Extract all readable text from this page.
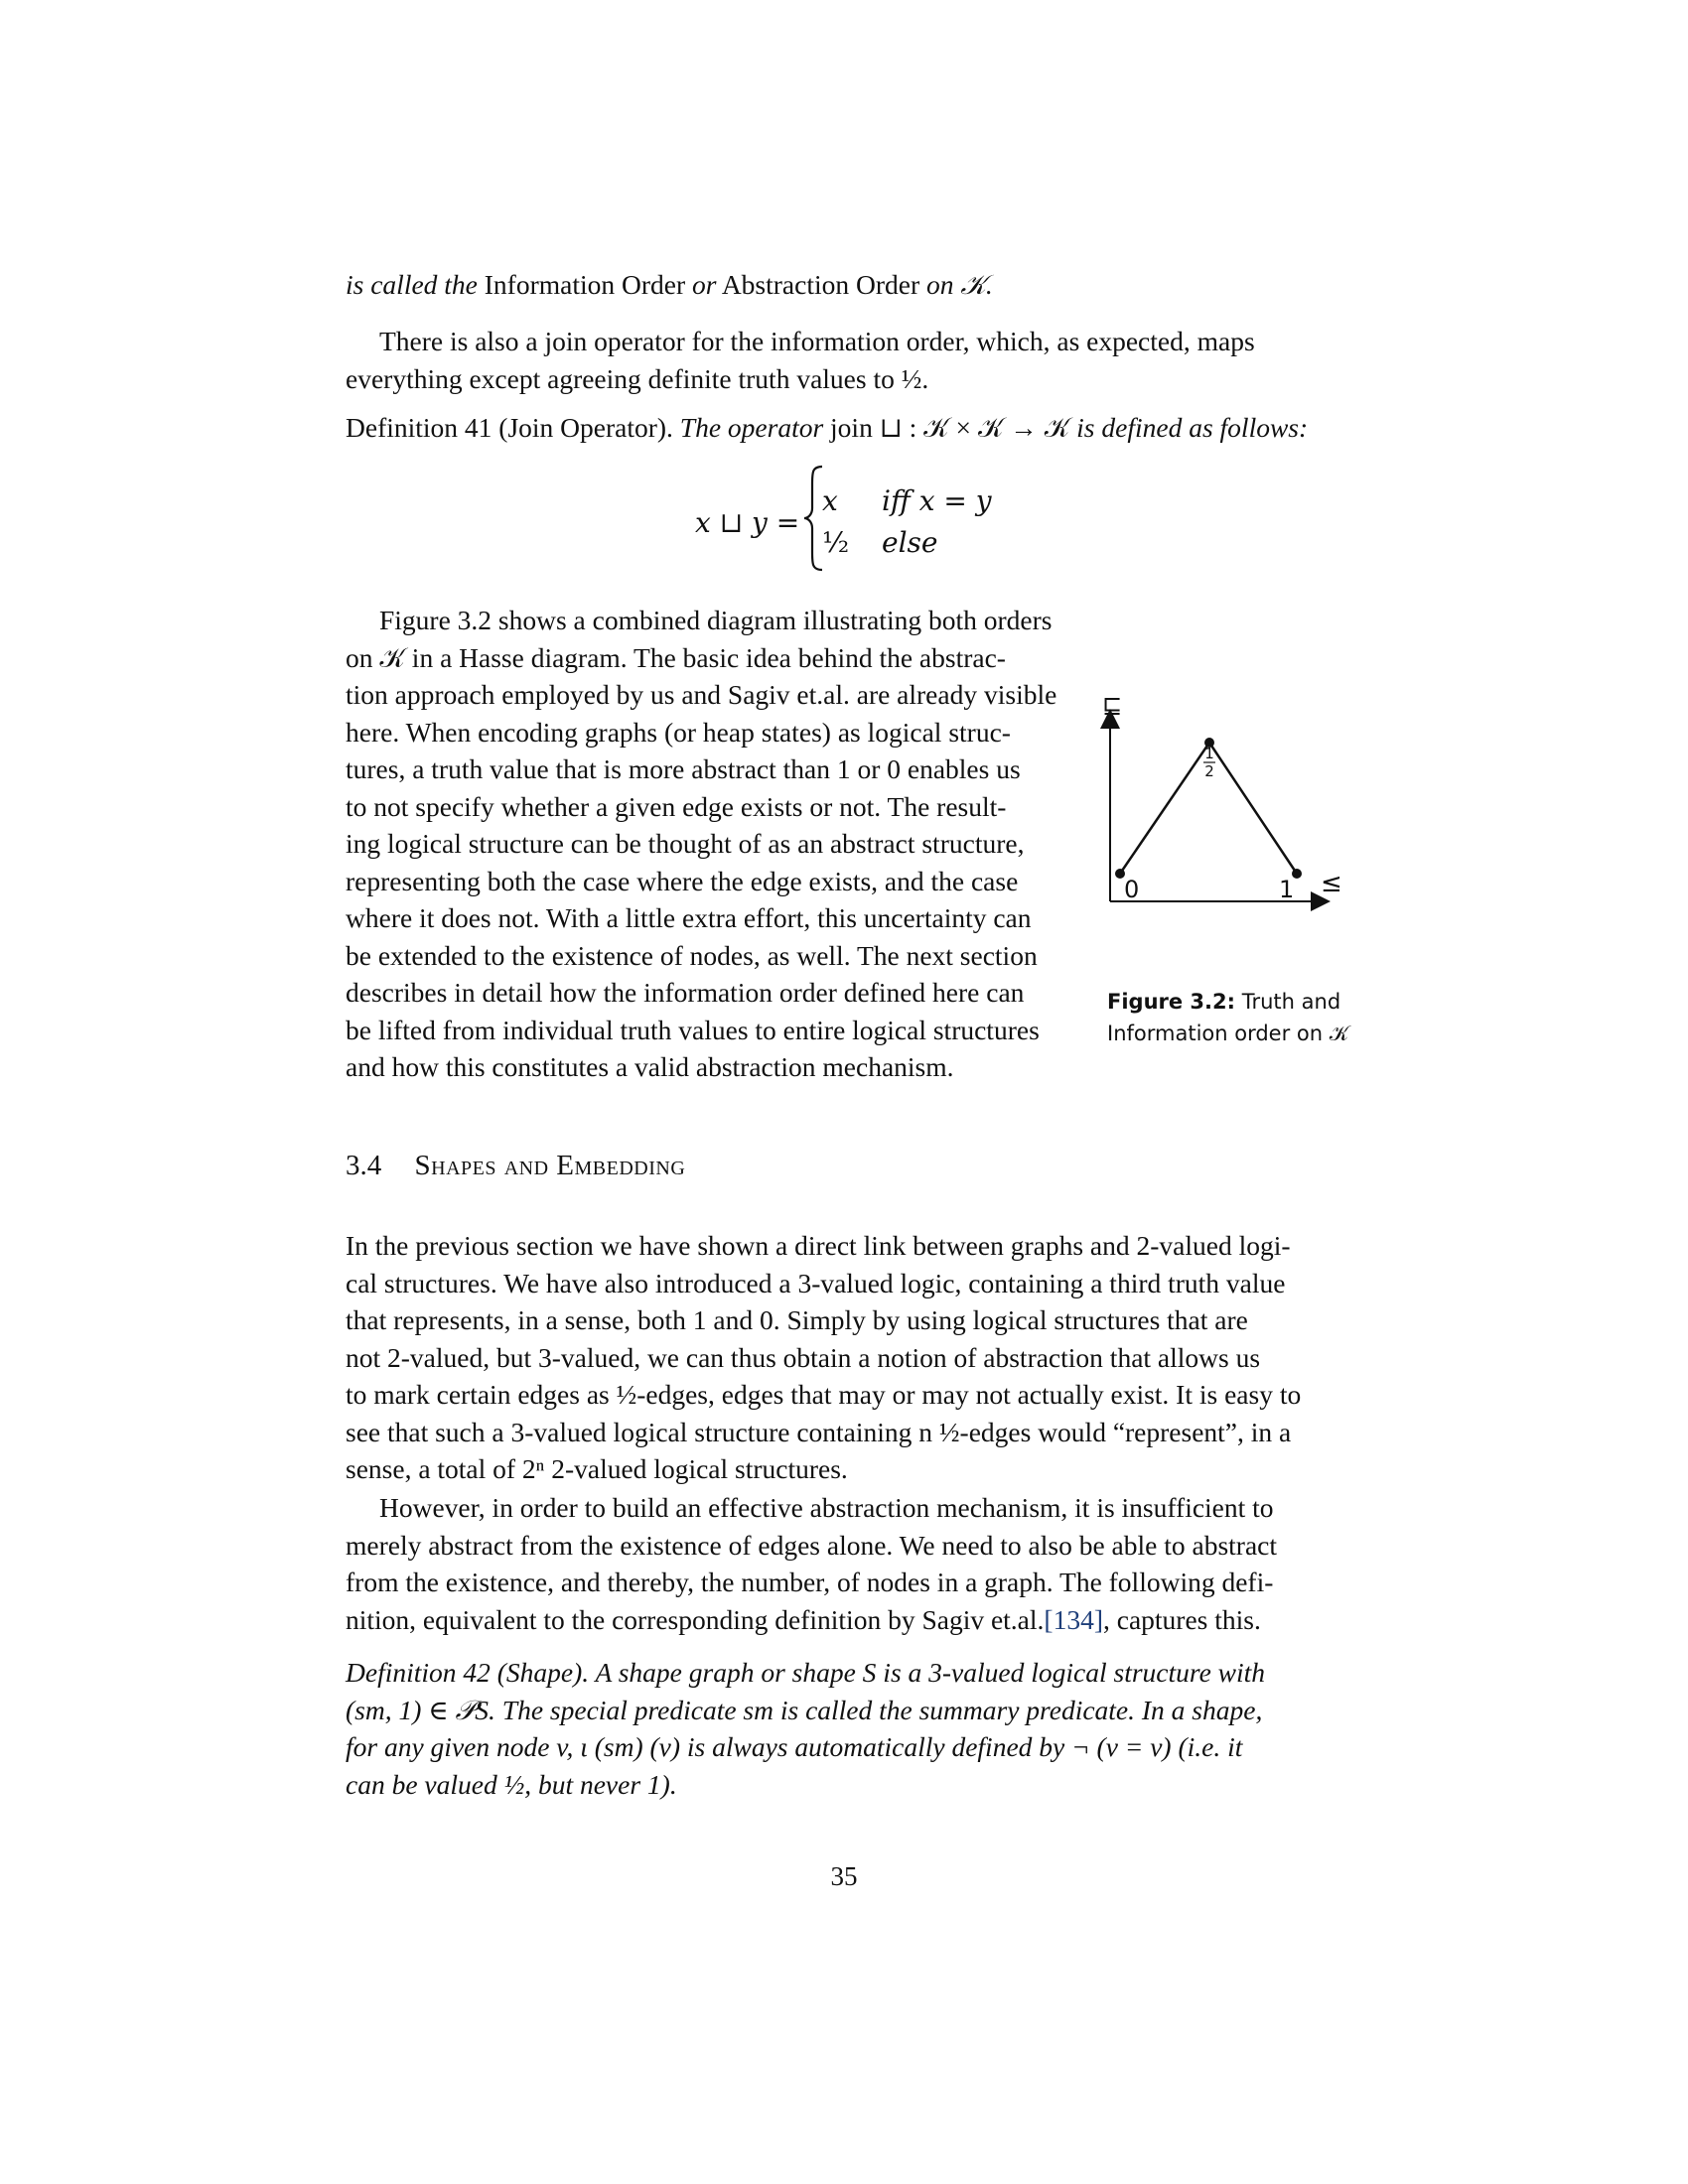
is called the Information Order or Abstraction Order on 𝒦.
There is also a join operator for the information order, which, as expected, maps
everything except agreeing definite truth values to ½.
Definition 41 (Join Operator). The operator join ⊔ : 𝒦 × 𝒦 → 𝒦 is defined as follows:
x ⊔ y =
x iff x = y
½ else
Figure 3.2 shows a combined diagram illustrating both orders
on 𝒦 in a Hasse diagram. The basic idea behind the abstrac-
tion approach employed by us and Sagiv et.al. are already visible
here. When encoding graphs (or heap states) as logical struc-
tures, a truth value that is more abstract than 1 or 0 enables us
to not specify whether a given edge exists or not. The result-
ing logical structure can be thought of as an abstract structure,
representing both the case where the edge exists, and the case
where it does not. With a little extra effort, this uncertainty can
be extended to the existence of nodes, as well. The next section
describes in detail how the information order defined here can
be lifted from individual truth values to entire logical structures
and how this constitutes a valid abstraction mechanism.
⊑
≤
0	1
1
2
Figure 3.2: Truth and
Information order on 𝒦
3.4 Shapes and Embedding
In the previous section we have shown a direct link between graphs and 2-valued logi-
cal structures. We have also introduced a 3-valued logic, containing a third truth value
that represents, in a sense, both 1 and 0. Simply by using logical structures that are
not 2-valued, but 3-valued, we can thus obtain a notion of abstraction that allows us
to mark certain edges as ½-edges, edges that may or may not actually exist. It is easy to
see that such a 3-valued logical structure containing n ½-edges would “represent”, in a
sense, a total of 2ⁿ 2-valued logical structures.
However, in order to build an effective abstraction mechanism, it is insufficient to
merely abstract from the existence of edges alone. We need to also be able to abstract
from the existence, and thereby, the number, of nodes in a graph. The following defi-
nition, equivalent to the corresponding definition by Sagiv et.al.[134], captures this.
Definition 42 (Shape). A shape graph or shape S is a 3-valued logical structure with
(sm, 1) ∈ 𝒫S. The special predicate sm is called the summary predicate. In a shape,
for any given node v, ι (sm) (v) is always automatically defined by ¬ (v = v) (i.e. it
can be valued ½, but never 1).
35
